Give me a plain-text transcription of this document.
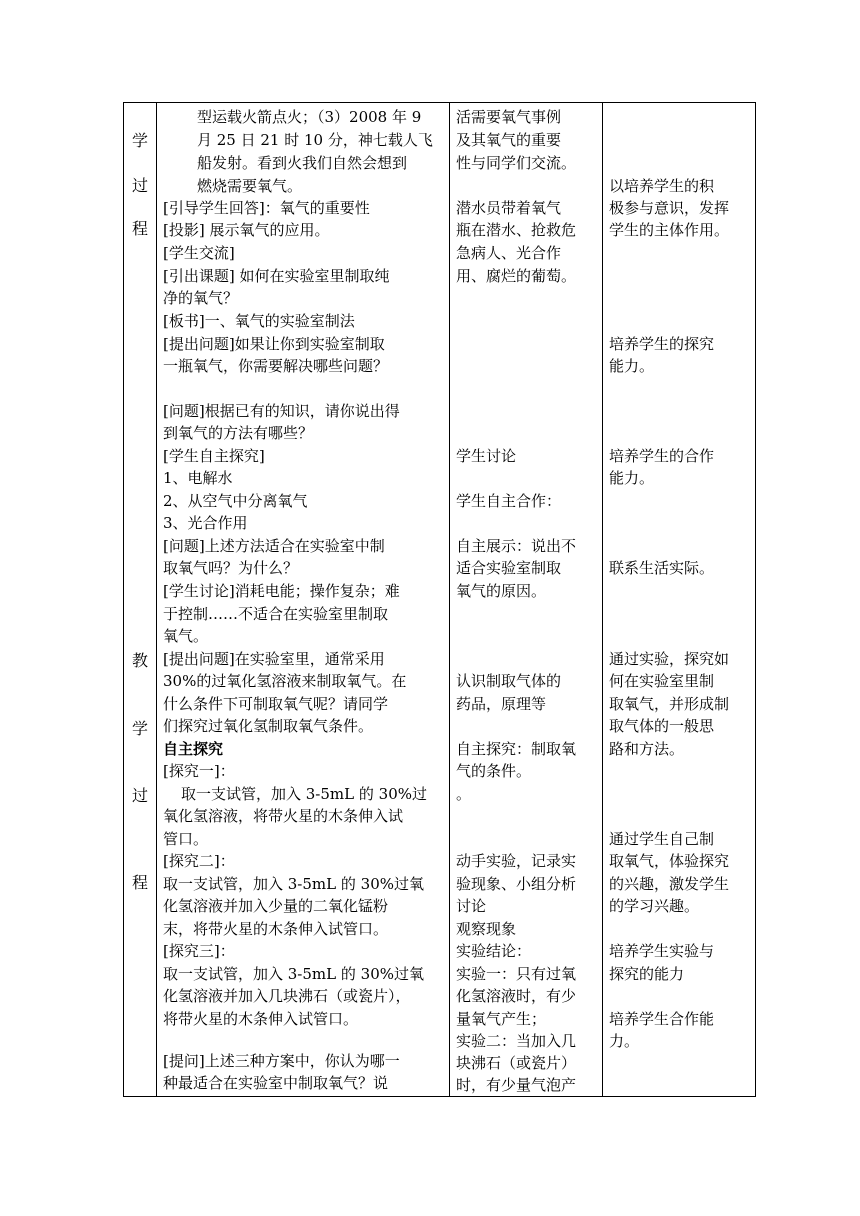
学
过
程
教
学
过
程
型运载火箭点火；（3）2008 年 9
月 25 日 21 时 10 分，神七载人飞
船发射。看到火我们自然会想到
燃烧需要氧气。
[引导学生回答]：氧气的重要性
[投影] 展示氧气的应用。
[学生交流]
[引出课题] 如何在实验室里制取纯
净的氧气？
[板书]一、氧气的实验室制法
[提出问题]如果让你到实验室制取
一瓶氧气，你需要解决哪些问题？
[问题]根据已有的知识，请你说出得
到氧气的方法有哪些？
[学生自主探究]
1、电解水
2、从空气中分离氧气
3、光合作用
[问题]上述方法适合在实验室中制
取氧气吗？为什么？
[学生讨论]消耗电能；操作复杂；难
于控制……不适合在实验室里制取
氧气。
[提出问题]在实验室里，通常采用
30%的过氧化氢溶液来制取氧气。在
什么条件下可制取氧气呢？请同学
们探究过氧化氢制取氧气条件。
自主探究
[探究一]：
取一支试管，加入 3-5mL 的 30%过
氧化氢溶液，将带火星的木条伸入试
管口。
[探究二]：
取一支试管，加入 3-5mL 的 30%过氧
化氢溶液并加入少量的二氧化锰粉
末，将带火星的木条伸入试管口。
[探究三]：
取一支试管，加入 3-5mL 的 30%过氧
化氢溶液并加入几块沸石（或瓷片），
将带火星的木条伸入试管口。
[提问]上述三种方案中，你认为哪一
种最适合在实验室中制取氧气？说
活需要氧气事例
及其氧气的重要
性与同学们交流。
潜水员带着氧气
瓶在潜水、抢救危
急病人、光合作
用、腐烂的葡萄。
学生讨论
学生自主合作：
自主展示：说出不
适合实验室制取
氧气的原因。
认识制取气体的
药品，原理等
自主探究：制取氧
气的条件。
。
动手实验，记录实
验现象、小组分析
讨论
观察现象
实验结论：
实验一：只有过氧
化氢溶液时，有少
量氧气产生；
实验二：当加入几
块沸石（或瓷片）
时，有少量气泡产
以培养学生的积
极参与意识，发挥
学生的主体作用。
培养学生的探究
能力。
培养学生的合作
能力。
联系生活实际。
通过实验，探究如
何在实验室里制
取氧气，并形成制
取气体的一般思
路和方法。
通过学生自己制
取氧气，体验探究
的兴趣，激发学生
的学习兴趣。
培养学生实验与
探究的能力
培养学生合作能
力。
